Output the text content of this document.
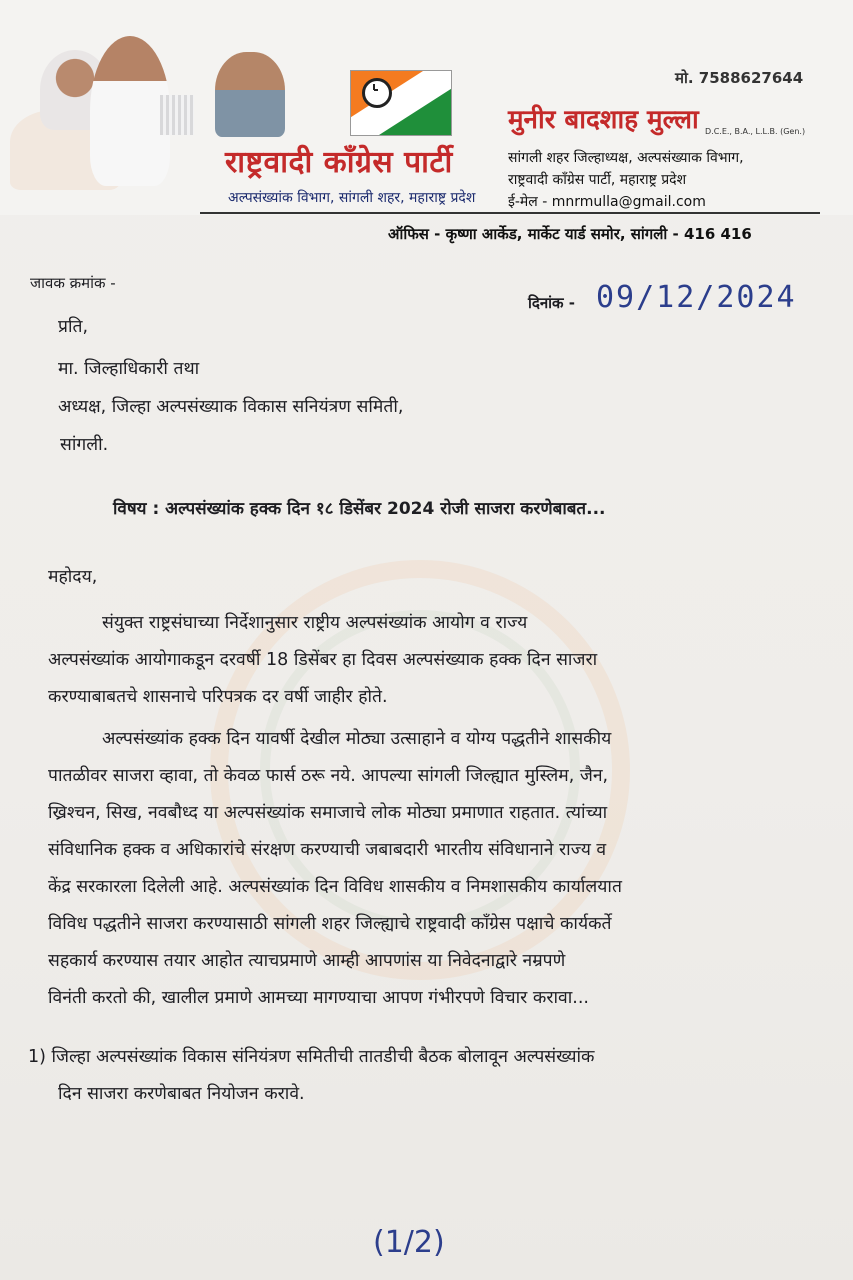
राष्ट्रवादी काँग्रेस पार्टी
अल्पसंख्यांक विभाग, सांगली शहर, महाराष्ट्र प्रदेश
मो. 7588627644
मुनीर बादशाह मुल्ला D.C.E., B.A., L.L.B. (Gen.)
सांगली शहर जिल्हाध्यक्ष, अल्पसंख्याक विभाग,
राष्ट्रवादी काँग्रेस पार्टी, महाराष्ट्र प्रदेश
ई-मेल - mnrmulla@gmail.com
ऑफिस - कृष्णा आर्केड, मार्केट यार्ड समोर, सांगली - 416 416
जावक क्रमांक -
दिनांक - 09/12/2024
प्रति,
मा. जिल्हाधिकारी तथा
अध्यक्ष, जिल्हा अल्पसंख्याक विकास सनियंत्रण समिती,
सांगली.
विषय : अल्पसंख्यांक हक्क दिन १८ डिसेंबर 2024 रोजी साजरा करणेबाबत...
महोदय,
संयुक्त राष्ट्रसंघाच्या निर्देशानुसार राष्ट्रीय अल्पसंख्यांक आयोग व राज्य
अल्पसंख्यांक आयोगाकडून दरवर्षी 18 डिसेंबर हा दिवस अल्पसंख्याक हक्क दिन साजरा
करण्याबाबतचे शासनाचे परिपत्रक दर वर्षी जाहीर होते.
अल्पसंख्यांक हक्क दिन यावर्षी देखील मोठ्या उत्साहाने व योग्य पद्धतीने शासकीय
पातळीवर साजरा व्हावा, तो केवळ फार्स ठरू नये. आपल्या सांगली जिल्ह्यात मुस्लिम, जैन,
ख्रिश्चन, सिख, नवबौध्द या अल्पसंख्यांक समाजाचे लोक मोठ्या प्रमाणात राहतात. त्यांच्या
संविधानिक हक्क व अधिकारांचे संरक्षण करण्याची जबाबदारी भारतीय संविधानाने राज्य व
केंद्र सरकारला दिलेली आहे. अल्पसंख्यांक दिन विविध शासकीय व निमशासकीय कार्यालयात
विविध पद्धतीने साजरा करण्यासाठी सांगली शहर जिल्ह्याचे राष्ट्रवादी काँग्रेस पक्षाचे कार्यकर्ते
सहकार्य करण्यास तयार आहोत त्याचप्रमाणे आम्ही आपणांस या निवेदनाद्वारे नम्रपणे
विनंती करतो की, खालील प्रमाणे आमच्या मागण्याचा आपण गंभीरपणे विचार करावा...
1) जिल्हा अल्पसंख्यांक विकास संनियंत्रण समितीची तातडीची बैठक बोलावून अल्पसंख्यांक
दिन साजरा करणेबाबत नियोजन करावे.
(1/2)
